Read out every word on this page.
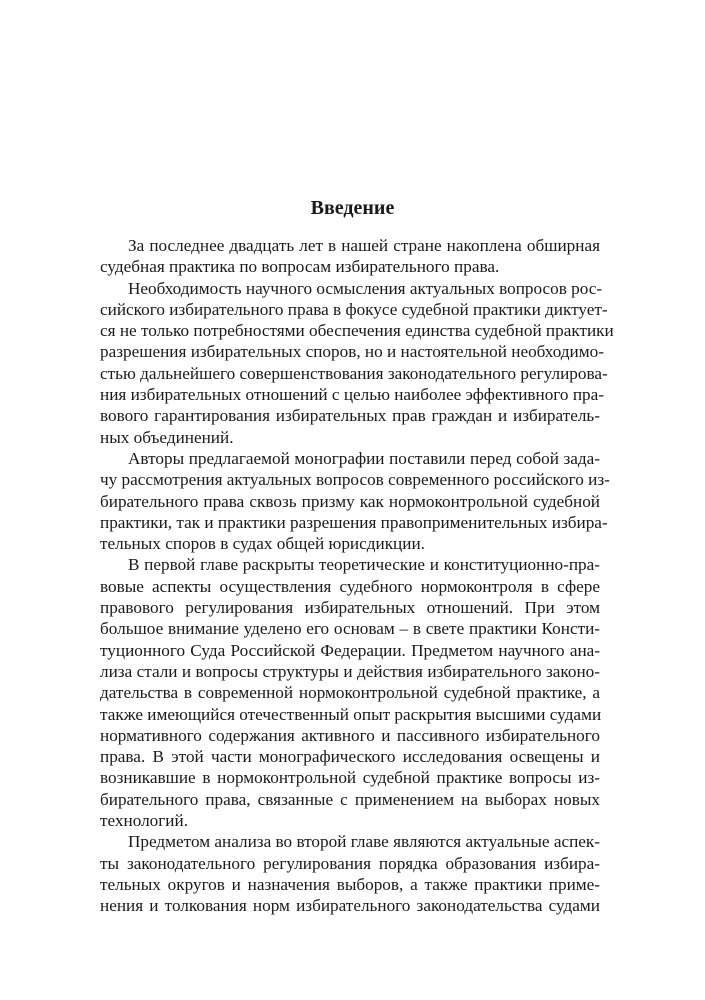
Введение
За последнее двадцать лет в нашей стране накоплена обширная
судебная практика по вопросам избирательного права.
Необходимость научного осмысления актуальных вопросов рос-
сийского избирательного права в фокусе судебной практики диктует-
ся не только потребностями обеспечения единства судебной практики
разрешения избирательных споров, но и настоятельной необходимо-
стью дальнейшего совершенствования законодательного регулирова-
ния избирательных отношений с целью наиболее эффективного пра-
вового гарантирования избирательных прав граждан и избиратель-
ных объединений.
Авторы предлагаемой монографии поставили перед собой зада-
чу рассмотрения актуальных вопросов современного российского из-
бирательного права сквозь призму как нормоконтрольной судебной
практики, так и практики разрешения правоприменительных избира-
тельных споров в судах общей юрисдикции.
В первой главе раскрыты теоретические и конституционно-пра-
вовые аспекты осуществления судебного нормоконтроля в сфере
правового регулирования избирательных отношений. При этом
большое внимание уделено его основам – в свете практики Консти-
туционного Суда Российской Федерации. Предметом научного ана-
лиза стали и вопросы структуры и действия избирательного законо-
дательства в современной нормоконтрольной судебной практике, а
также имеющийся отечественный опыт раскрытия высшими судами
нормативного содержания активного и пассивного избирательного
права. В этой части монографического исследования освещены и
возникавшие в нормоконтрольной судебной практике вопросы из-
бирательного права, связанные с применением на выборах новых
технологий.
Предметом анализа во второй главе являются актуальные аспек-
ты законодательного регулирования порядка образования избира-
тельных округов и назначения выборов, а также практики приме-
нения и толкования норм избирательного законодательства судами
